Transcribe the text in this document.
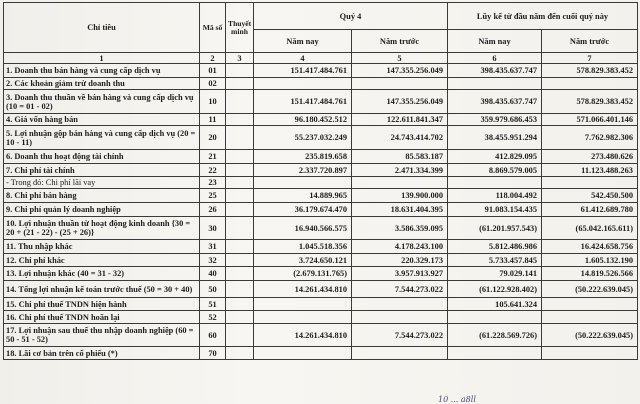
Chỉ tiêu	Mã số	Thuyết minh	Quý 4		Lũy kế từ đầu năm đến cuối quý này	
			Năm nay	Năm trước	Năm nay	Năm trước
1	2	3	4	5	6	7
1. Doanh thu bán hàng và cung cấp dịch vụ	01		151.417.484.761	147.355.256.049	398.435.637.747	578.829.383.452
2. Các khoản giảm trừ doanh thu	02					
3. Doanh thu thuần về bán hàng và cung cấp dịch vụ (10 = 01 - 02)	10		151.417.484.761	147.355.256.049	398.435.637.747	578.829.383.452
4. Giá vốn hàng bán	11		96.180.452.512	122.611.841.347	359.979.686.453	571.066.401.146
5. Lợi nhuận gộp bán hàng và cung cấp dịch vụ (20 = 10 - 11)	20		55.237.032.249	24.743.414.702	38.455.951.294	7.762.982.306
6. Doanh thu hoạt động tài chính	21		235.819.658	85.583.187	412.829.095	273.480.626
7. Chi phí tài chính	22		2.337.720.897	2.471.334.399	8.869.579.005	11.123.488.263
- Trong đó: Chi phí lãi vay	23					
8. Chi phí bán hàng	25		14.889.965	139.900.000	118.004.492	542.450.500
9. Chi phí quản lý doanh nghiệp	26		36.179.674.470	18.631.404.395	91.083.154.435	61.412.689.780
10. Lợi nhuận thuần từ hoạt động kinh doanh {30 = 20 + (21 - 22) - (25 + 26)}	30		16.940.566.575	3.586.359.095	(61.201.957.543)	(65.042.165.611)
11. Thu nhập khác	31		1.045.518.356	4.178.243.100	5.812.486.986	16.424.658.756
12. Chi phí khác	32		3.724.650.121	220.329.173	5.733.457.845	1.605.132.190
13. Lợi nhuận khác (40 = 31 - 32)	40		(2.679.131.765)	3.957.913.927	79.029.141	14.819.526.566
14. Tổng lợi nhuận kế toán trước thuế (50 = 30 + 40)	50		14.261.434.810	7.544.273.022	(61.122.928.402)	(50.222.639.045)
15. Chi phí thuế TNDN hiện hành	51				105.641.324	
16. Chi phí thuế TNDN hoãn lại	52					
17. Lợi nhuận sau thuế thu nhập doanh nghiệp (60 = 50 - 51 - 52)	60		14.261.434.810	7.544.273.022	(61.228.569.726)	(50.222.639.045)
18. Lãi cơ bản trên cổ phiếu (*)	70					
10 ... a8ll
